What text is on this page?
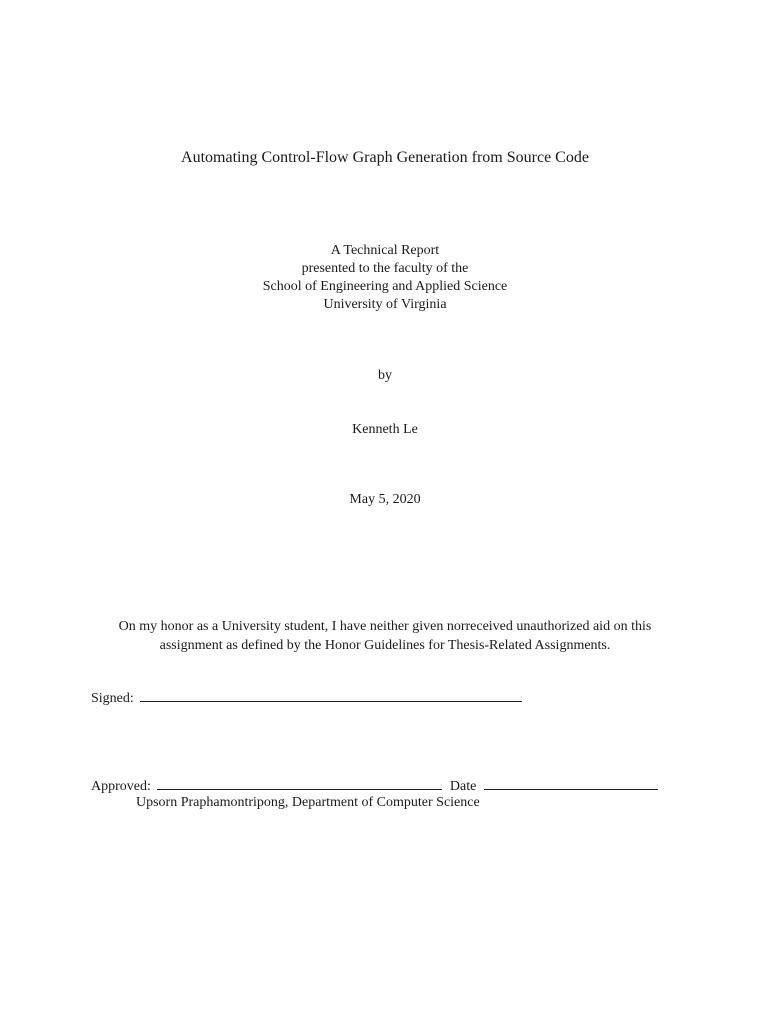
Automating Control-Flow Graph Generation from Source Code
A Technical Report
presented to the faculty of the
School of Engineering and Applied Science
University of Virginia
by
Kenneth Le
May 5, 2020
On my honor as a University student, I have neither given norreceived unauthorized aid on this
assignment as defined by the Honor Guidelines for Thesis-Related Assignments.
Signed:
Approved:	Date
Upsorn Praphamontripong, Department of Computer Science
